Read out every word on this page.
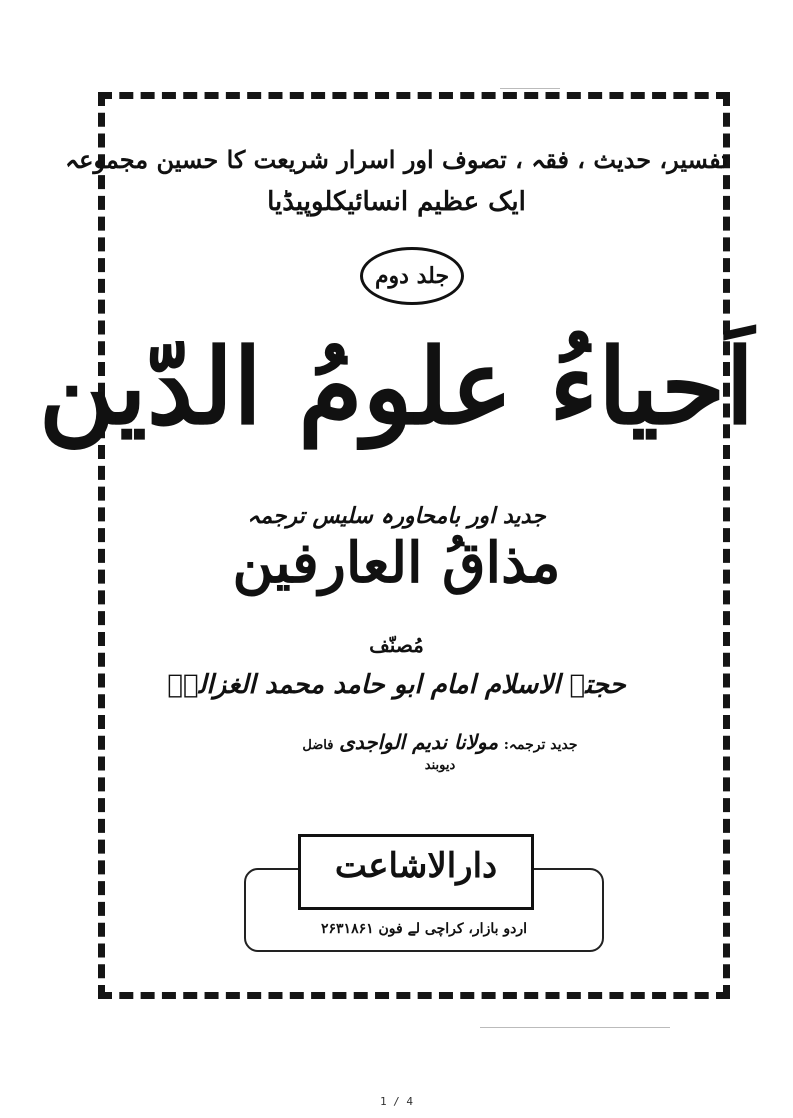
تفسیر، حدیث ، فقہ ، تصوف اور اسرار شریعت کا حسین مجموعہ
ایک عظیم انسائیکلوپیڈیا
جلد دوم
اَحیاءُ علومُ الدّین
جدید اور بامحاورہ سلیس ترجمہ
مذاقُ العارفین
مُصنّف
حجتہ الاسلام امام ابو حامد محمد الغزالیؒ
جدید ترجمہ: مولانا ندیم الواجدی فاضل دیوبند
دارالاشاعت
اردو بازار، کراچی لے فون ۲۶۳۱۸۶۱
1 / 4
